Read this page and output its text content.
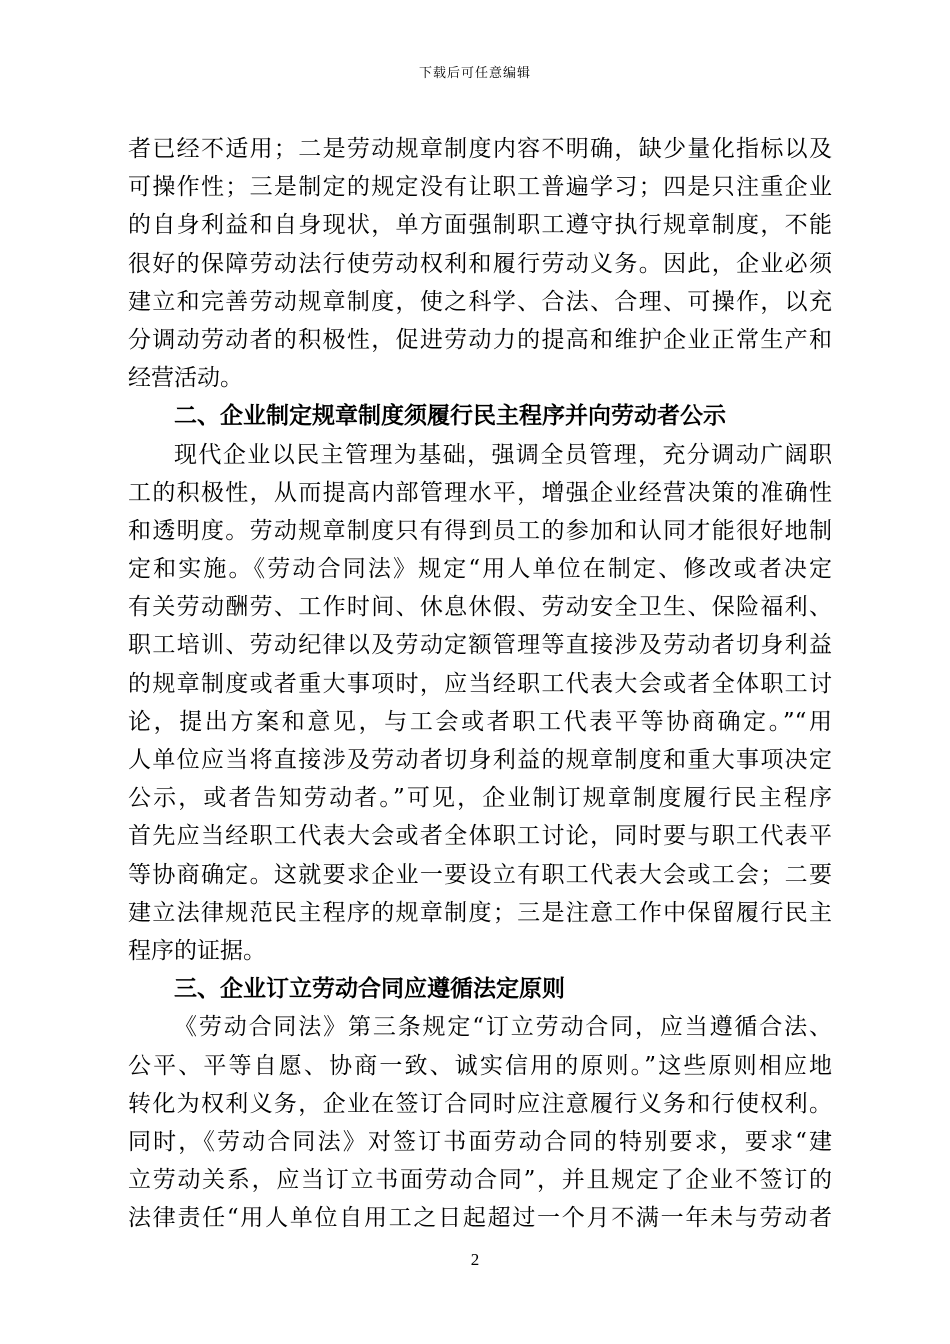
下载后可任意编辑
者已经不适用；二是劳动规章制度内容不明确，缺少量化指标以及
可操作性；三是制定的规定没有让职工普遍学习；四是只注重企业
的自身利益和自身现状，单方面强制职工遵守执行规章制度，不能
很好的保障劳动法行使劳动权利和履行劳动义务。因此，企业必须
建立和完善劳动规章制度，使之科学、合法、合理、可操作，以充
分调动劳动者的积极性，促进劳动力的提高和维护企业正常生产和
经营活动。
二、企业制定规章制度须履行民主程序并向劳动者公示
现代企业以民主管理为基础，强调全员管理，充分调动广阔职
工的积极性，从而提高内部管理水平，增强企业经营决策的准确性
和透明度。劳动规章制度只有得到员工的参加和认同才能很好地制
定和实施。《劳动合同法》规定“用人单位在制定、修改或者决定
有关劳动酬劳、工作时间、休息休假、劳动安全卫生、保险福利、
职工培训、劳动纪律以及劳动定额管理等直接涉及劳动者切身利益
的规章制度或者重大事项时，应当经职工代表大会或者全体职工讨
论，提出方案和意见，与工会或者职工代表平等协商确定。”“用
人单位应当将直接涉及劳动者切身利益的规章制度和重大事项决定
公示，或者告知劳动者。”可见，企业制订规章制度履行民主程序
首先应当经职工代表大会或者全体职工讨论，同时要与职工代表平
等协商确定。这就要求企业一要设立有职工代表大会或工会；二要
建立法律规范民主程序的规章制度；三是注意工作中保留履行民主
程序的证据。
三、企业订立劳动合同应遵循法定原则
《劳动合同法》第三条规定“订立劳动合同，应当遵循合法、
公平、平等自愿、协商一致、诚实信用的原则。”这些原则相应地
转化为权利义务，企业在签订合同时应注意履行义务和行使权利。
同时，《劳动合同法》对签订书面劳动合同的特别要求，要求“建
立劳动关系，应当订立书面劳动合同”，并且规定了企业不签订的
法律责任“用人单位自用工之日起超过一个月不满一年未与劳动者
2
